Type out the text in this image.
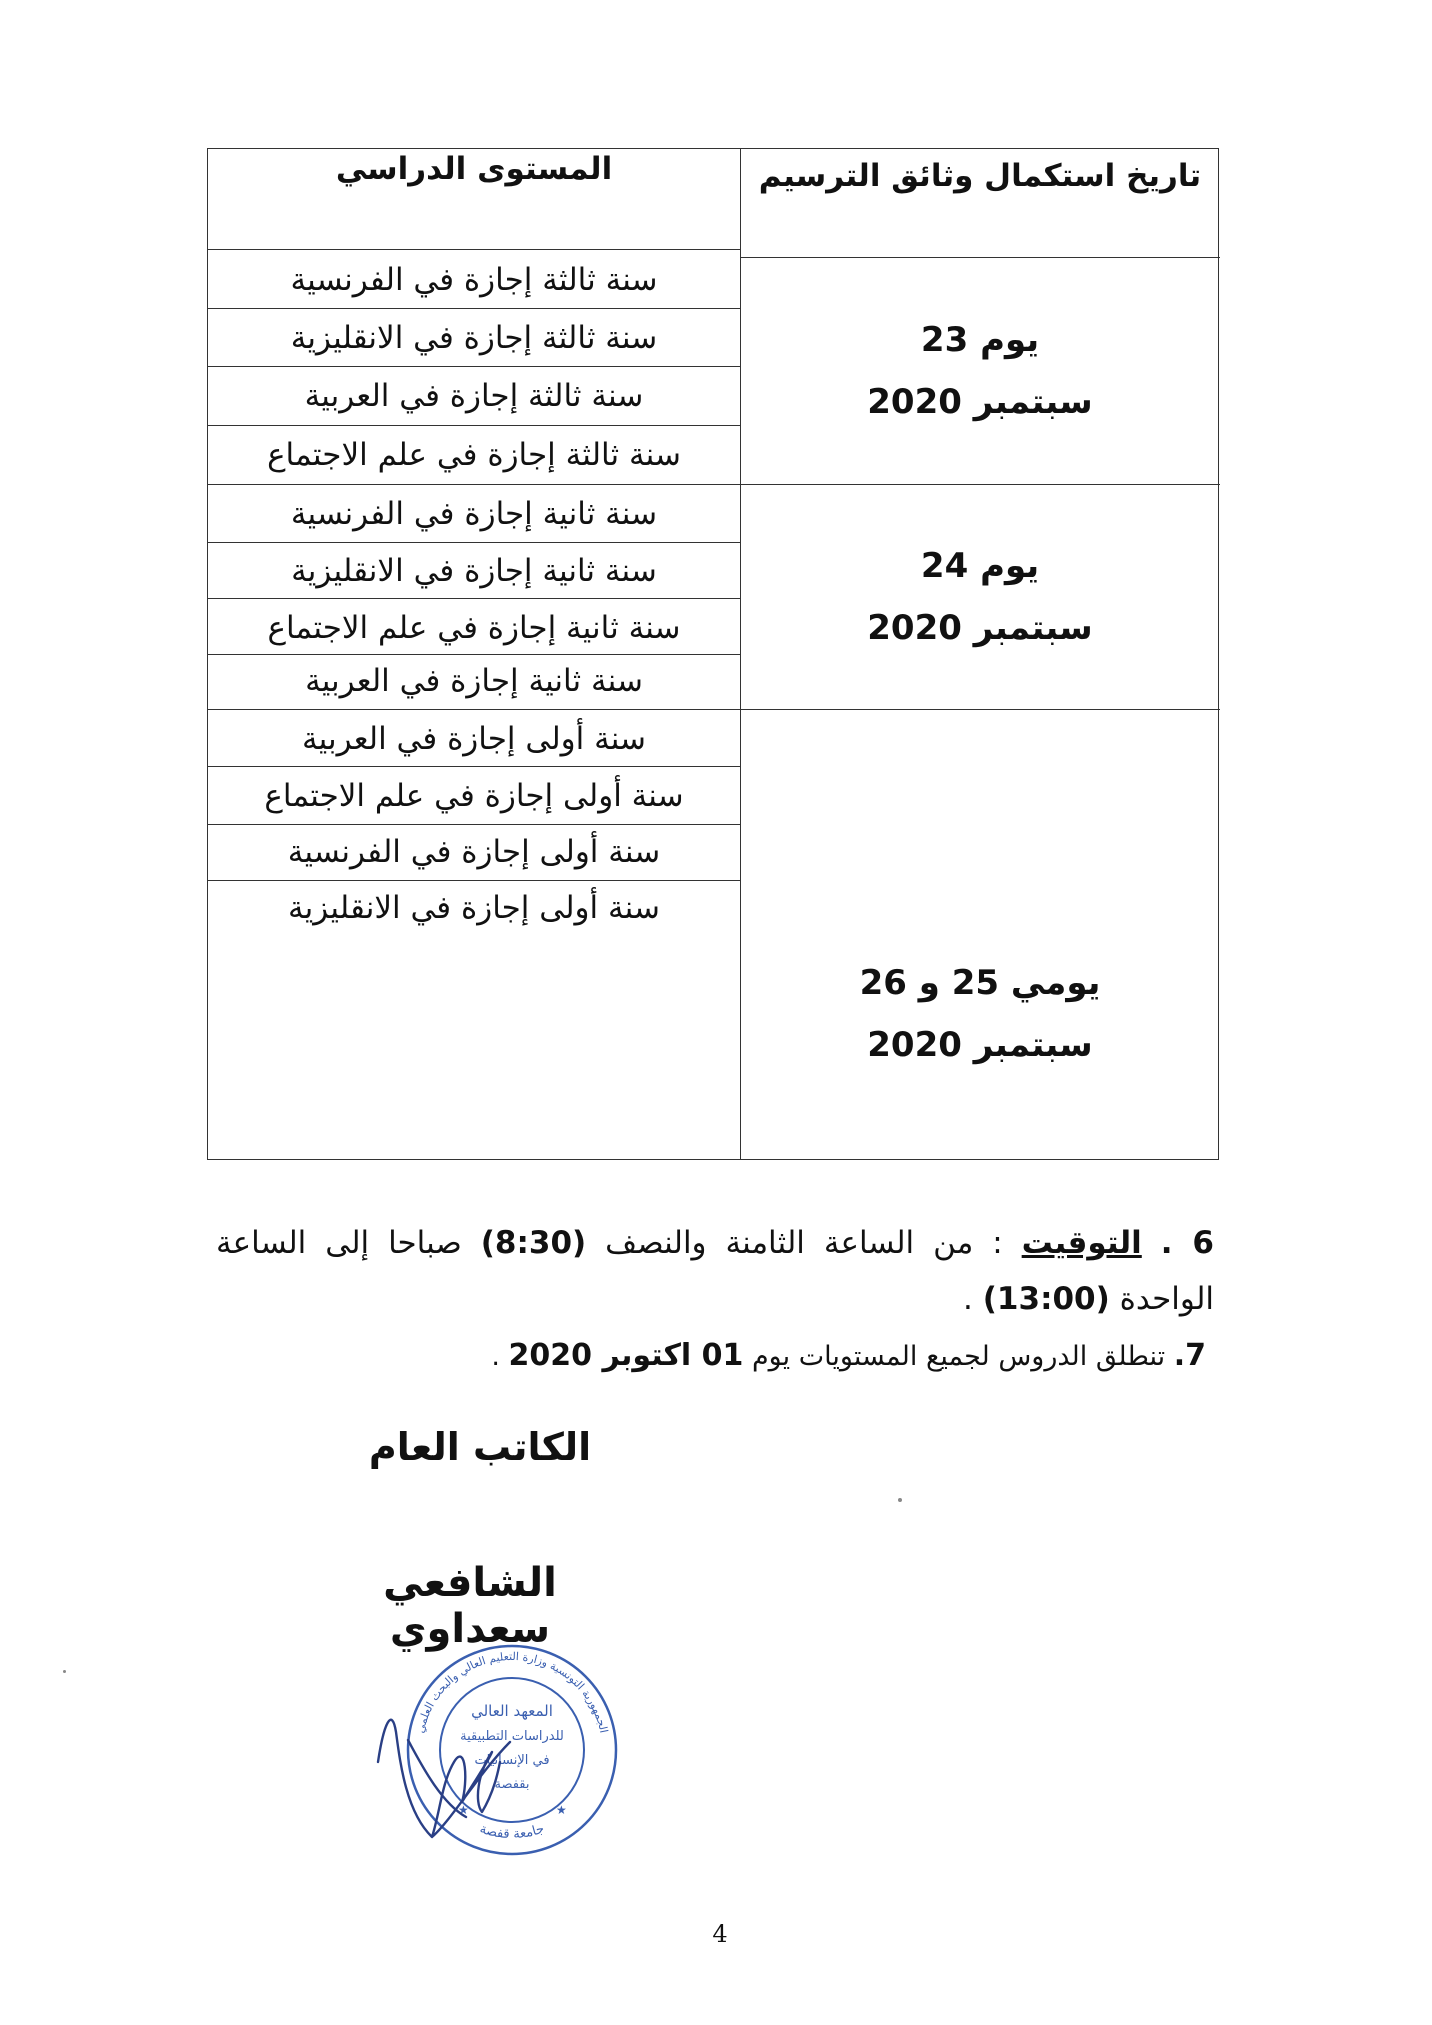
المستوى الدراسي	تاريخ استكمال وثائق الترسيم
سنة ثالثة إجازة في الفرنسية
سنة ثالثة إجازة في الانقليزية
سنة ثالثة إجازة في العربية
سنة ثالثة إجازة في علم الاجتماع
يوم 23
سبتمبر 2020
سنة ثانية إجازة في الفرنسية
سنة ثانية إجازة في الانقليزية
سنة ثانية إجازة في علم الاجتماع
سنة ثانية إجازة في العربية
يوم 24
سبتمبر 2020
سنة أولى إجازة في العربية
سنة أولى إجازة في علم الاجتماع
سنة أولى إجازة في الفرنسية
سنة أولى إجازة في الانقليزية
يومي 25 و 26
سبتمبر 2020
6 . التوقيت : من الساعة الثامنة والنصف (8:30) صباحا إلى الساعة الواحدة (13:00) .
7. تنطلق الدروس لجميع المستويات يوم 01 اكتوبر 2020 .
الكاتب العام
الشافعي سعداوي
الجمهورية التونسية وزارة التعليم العالي والبحث العلمي
جامعة قفصة
المعهد العالي
للدراسات التطبيقية
في الإنسانيات
بقفصة
★	★
4
